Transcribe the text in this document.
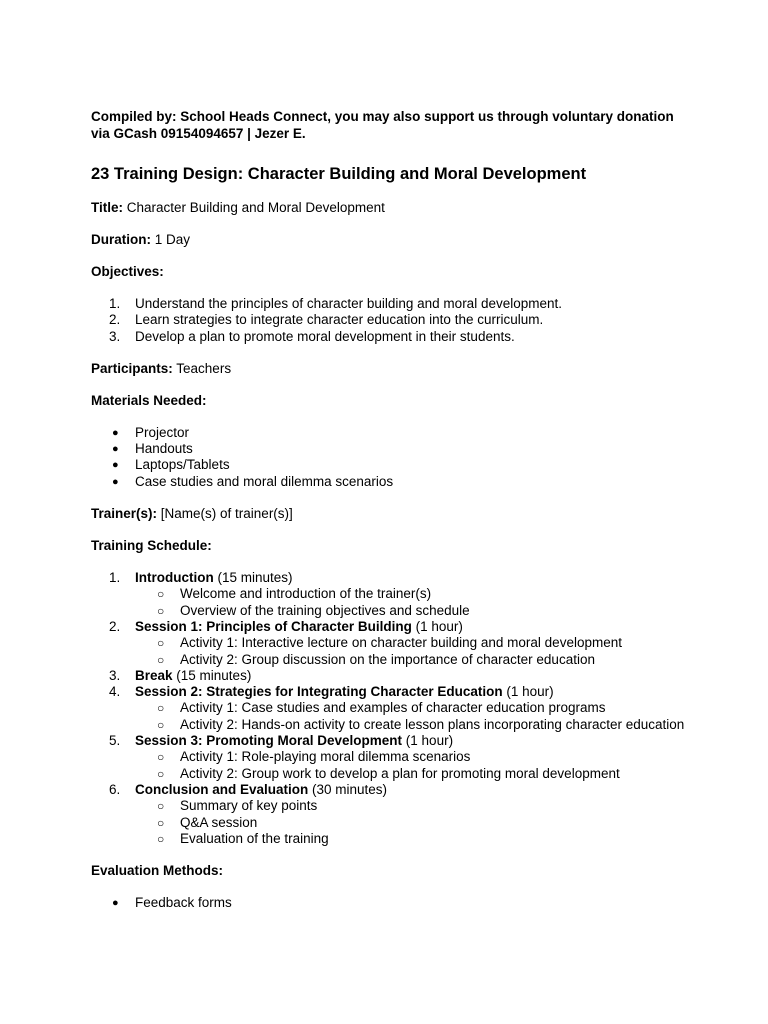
Compiled by: School Heads Connect, you may also support us through voluntary donation via GCash 09154094657 | Jezer E.

23 Training Design: Character Building and Moral Development

Title: Character Building and Moral Development

Duration: 1 Day

Objectives:

1.	Understand the principles of character building and moral development.
2.	Learn strategies to integrate character education into the curriculum.
3.	Develop a plan to promote moral development in their students.

Participants: Teachers

Materials Needed:

●	Projector
●	Handouts
●	Laptops/Tablets
●	Case studies and moral dilemma scenarios

Trainer(s): [Name(s) of trainer(s)]

Training Schedule:

1.	Introduction (15 minutes)
○ Welcome and introduction of the trainer(s)
○ Overview of the training objectives and schedule
2.	Session 1: Principles of Character Building (1 hour)
○ Activity 1: Interactive lecture on character building and moral development
○ Activity 2: Group discussion on the importance of character education
3.	Break (15 minutes)
4.	Session 2: Strategies for Integrating Character Education (1 hour)
○ Activity 1: Case studies and examples of character education programs
○ Activity 2: Hands-on activity to create lesson plans incorporating character education
5.	Session 3: Promoting Moral Development (1 hour)
○ Activity 1: Role-playing moral dilemma scenarios
○ Activity 2: Group work to develop a plan for promoting moral development
6.	Conclusion and Evaluation (30 minutes)
○ Summary of key points
○ Q&A session
○ Evaluation of the training

Evaluation Methods:

●	Feedback forms
